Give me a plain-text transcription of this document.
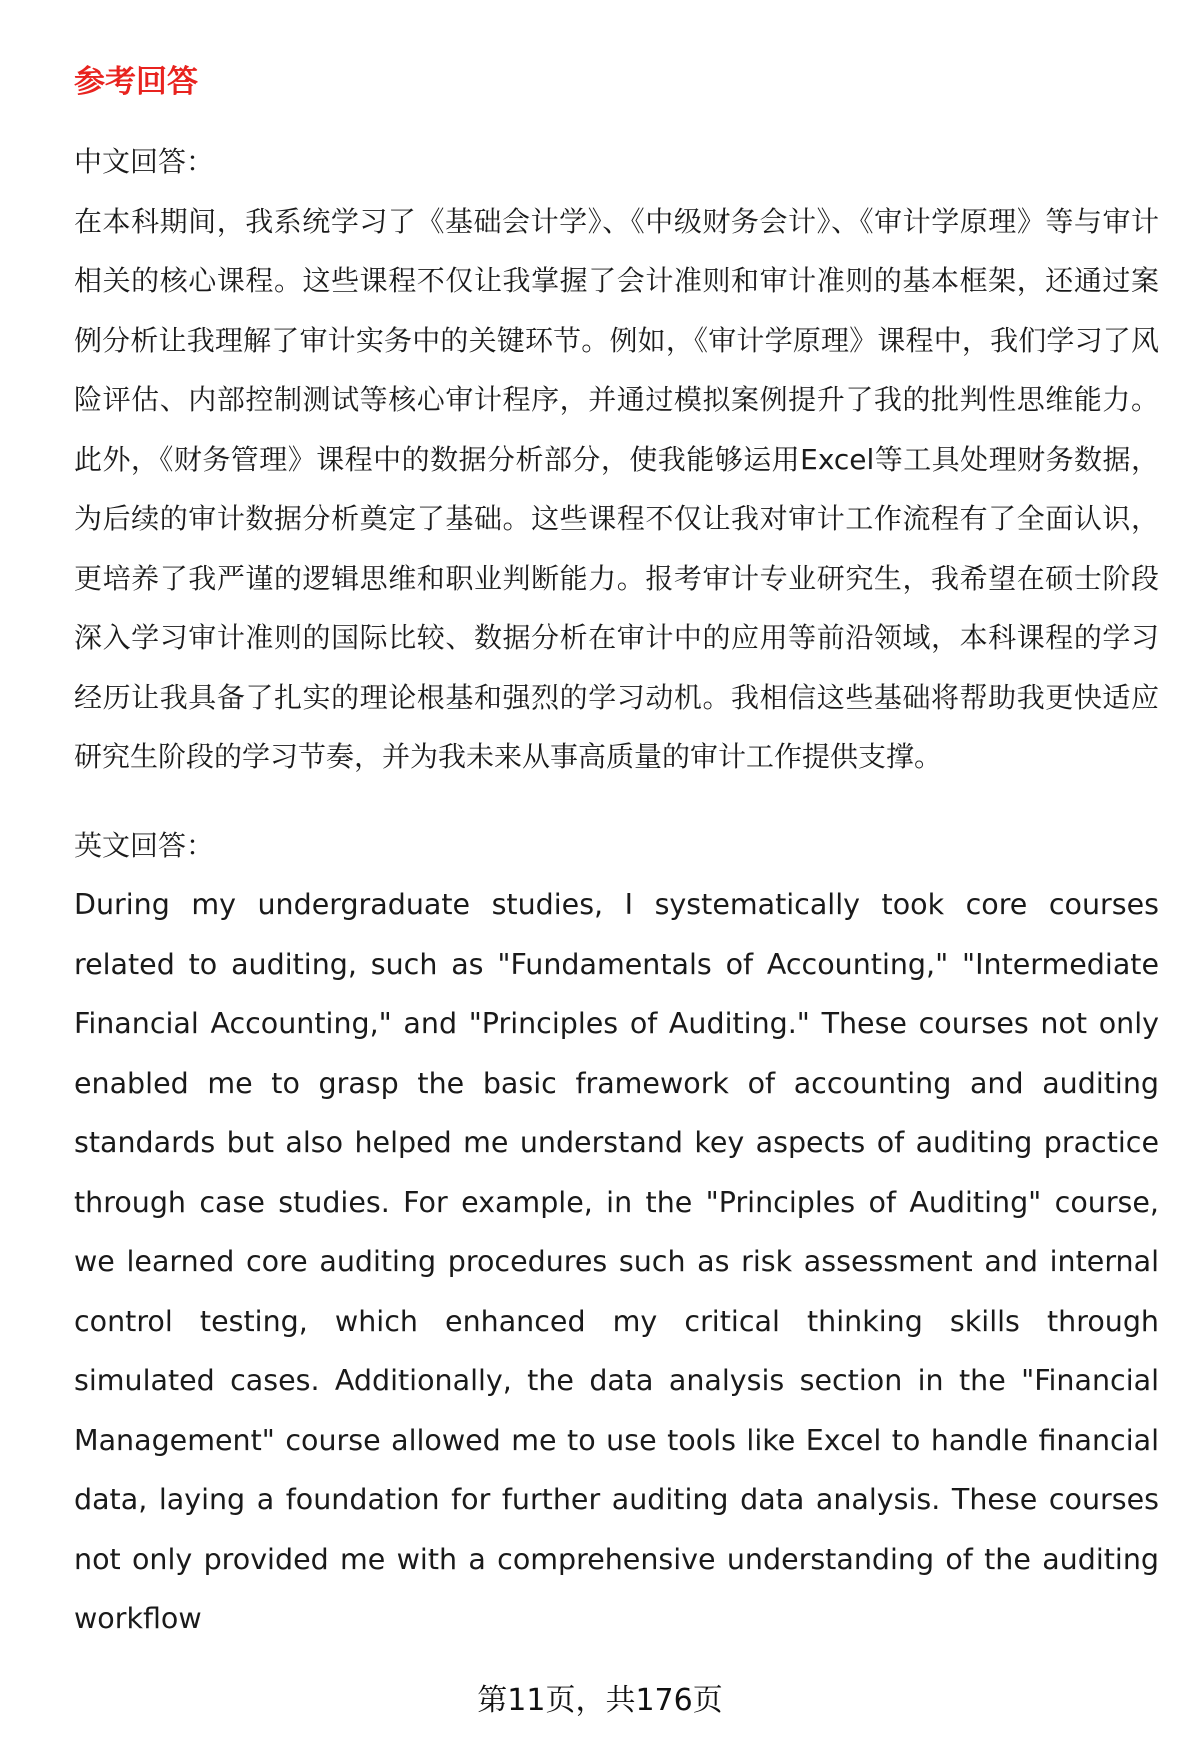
参考回答
中文回答：

在本科期间，我系统学习了《基础会计学》、《中级财务会计》、《审计学原理》等与审计相关的核心课程。这些课程不仅让我掌握了会计准则和审计准则的基本框架，还通过案例分析让我理解了审计实务中的关键环节。例如，《审计学原理》课程中，我们学习了风险评估、内部控制测试等核心审计程序，并通过模拟案例提升了我的批判性思维能力。此外，《财务管理》课程中的数据分析部分，使我能够运用Excel等工具处理财务数据，为后续的审计数据分析奠定了基础。这些课程不仅让我对审计工作流程有了全面认识，更培养了我严谨的逻辑思维和职业判断能力。报考审计专业研究生，我希望在硕士阶段深入学习审计准则的国际比较、数据分析在审计中的应用等前沿领域，本科课程的学习经历让我具备了扎实的理论根基和强烈的学习动机。我相信这些基础将帮助我更快适应研究生阶段的学习节奏，并为我未来从事高质量的审计工作提供支撑。

英文回答：

During my undergraduate studies, I systematically took core courses related to auditing, such as "Fundamentals of Accounting," "Intermediate Financial Accounting," and "Principles of Auditing." These courses not only enabled me to grasp the basic framework of accounting and auditing standards but also helped me understand key aspects of auditing practice through case studies. For example, in the "Principles of Auditing" course, we learned core auditing procedures such as risk assessment and internal control testing, which enhanced my critical thinking skills through simulated cases. Additionally, the data analysis section in the "Financial Management" course allowed me to use tools like Excel to handle financial data, laying a foundation for further auditing data analysis. These courses not only provided me with a comprehensive understanding of the auditing workflow

第11页，共176页
